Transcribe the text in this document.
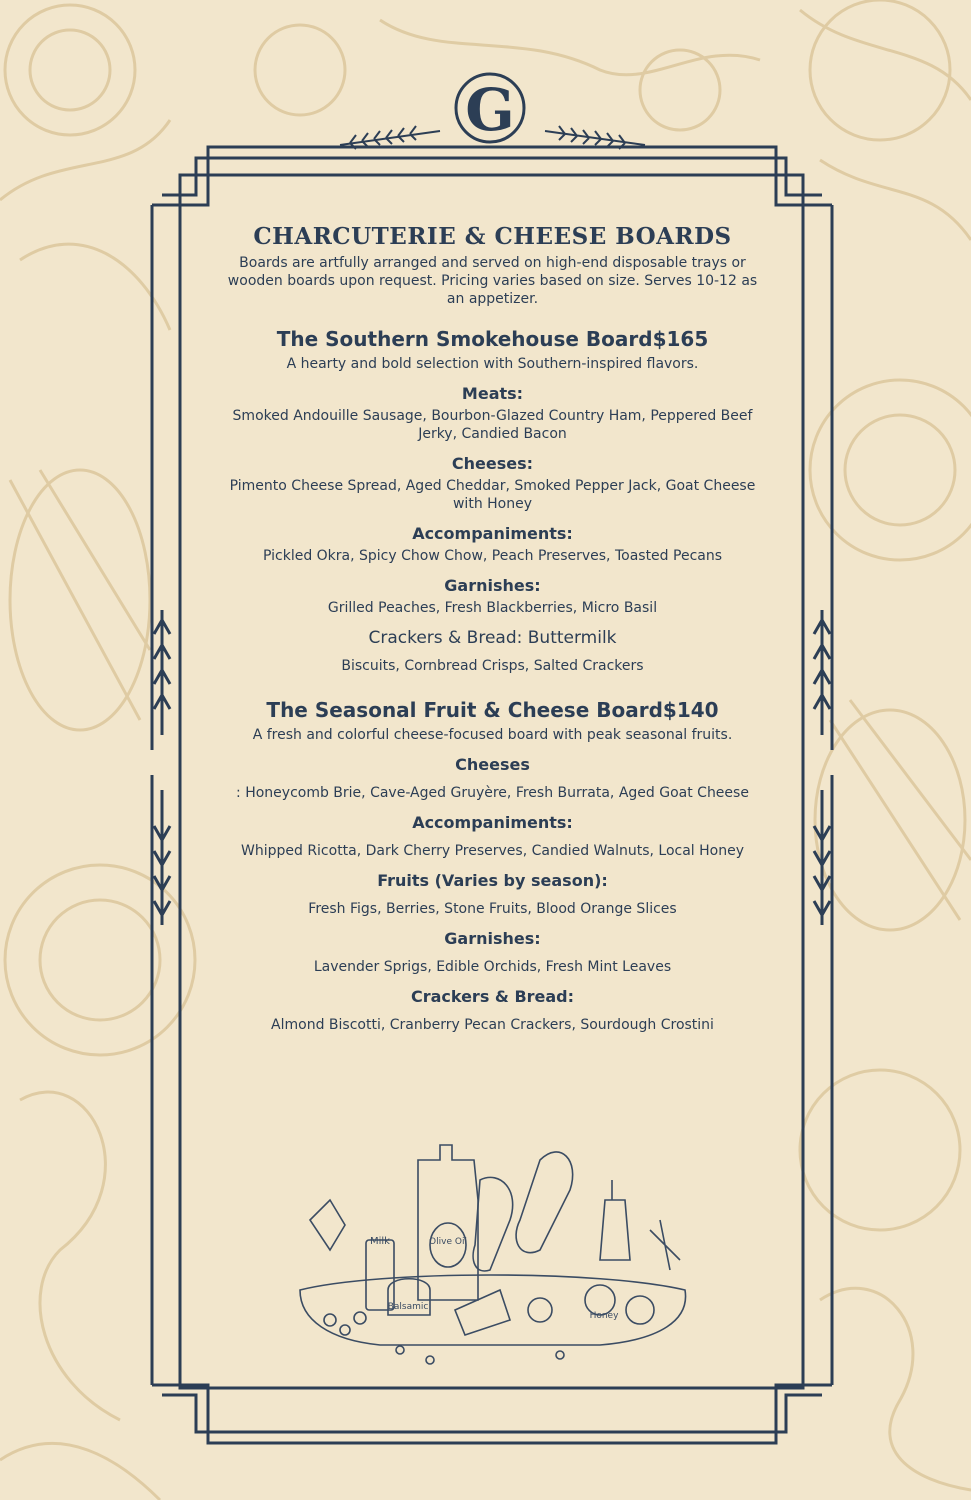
G
Milk	Olive Oil
Balsamic
Honey
CHARCUTERIE & CHEESE BOARDS
Boards are artfully arranged and served on high-end disposable trays or wooden boards upon request. Pricing varies based on size. Serves 10-12 as an appetizer.
The Southern Smokehouse Board$165
A hearty and bold selection with Southern-inspired flavors.
Meats:
Smoked Andouille Sausage, Bourbon-Glazed Country Ham, Peppered Beef Jerky, Candied Bacon
Cheeses:
Pimento Cheese Spread, Aged Cheddar, Smoked Pepper Jack, Goat Cheese with Honey
Accompaniments:
Pickled Okra, Spicy Chow Chow, Peach Preserves, Toasted Pecans
Garnishes:
Grilled Peaches, Fresh Blackberries, Micro Basil
Crackers & Bread: Buttermilk
Biscuits, Cornbread Crisps, Salted Crackers
The Seasonal Fruit & Cheese Board$140
A fresh and colorful cheese-focused board with peak seasonal fruits.
Cheeses
: Honeycomb Brie, Cave-Aged Gruyère, Fresh Burrata, Aged Goat Cheese
Accompaniments:
Whipped Ricotta, Dark Cherry Preserves, Candied Walnuts, Local Honey
Fruits (Varies by season):
Fresh Figs, Berries, Stone Fruits, Blood Orange Slices
Garnishes:
Lavender Sprigs, Edible Orchids, Fresh Mint Leaves
Crackers & Bread:
Almond Biscotti, Cranberry Pecan Crackers, Sourdough Crostini
